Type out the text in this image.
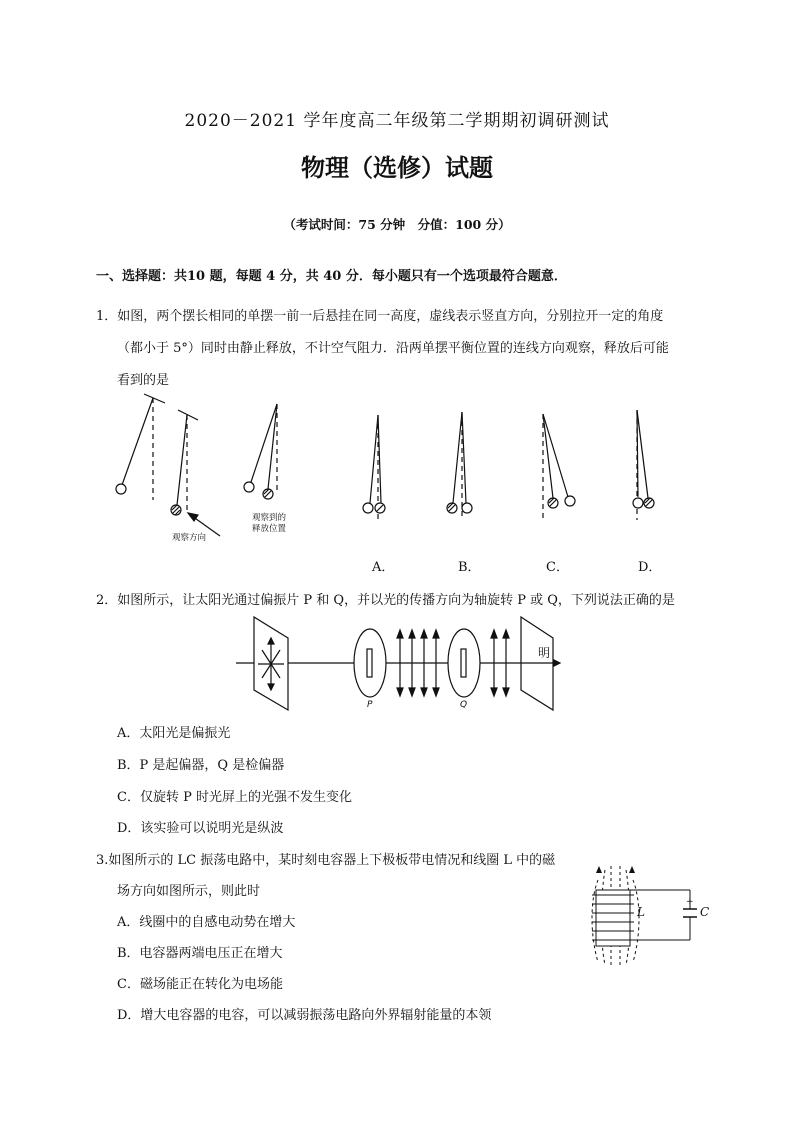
2020－2021 学年度高二年级第二学期期初调研测试
物理（选修）试题
（考试时间：75 分钟　分值：100 分）
一、选择题：共10 题，每题 4 分，共 40 分．每小题只有一个选项最符合题意．
1．如图，两个摆长相同的单摆一前一后悬挂在同一高度，虚线表示竖直方向，分别拉开一定的角度
（都小于 5°）同时由静止释放，不计空气阻力．沿两单摆平衡位置的连线方向观察，释放后可能
看到的是
观察方向
观察到的
释放位置
A．	B．	C．	D．
2．如图所示，让太阳光通过偏振片 P 和 Q，并以光的传播方向为轴旋转 P 或 Q，下列说法正确的是
P	Q
明
A．太阳光是偏振光
B．P 是起偏器，Q 是检偏器
C．仅旋转 P 时光屏上的光强不发生变化
D．该实验可以说明光是纵波
3.如图所示的 LC 振荡电路中，某时刻电容器上下极板带电情况和线圈 L 中的磁
场方向如图所示，则此时
L	C
+
A．线圈中的自感电动势在增大
B．电容器两端电压正在增大
C．磁场能正在转化为电场能
D．增大电容器的电容，可以减弱振荡电路向外界辐射能量的本领
